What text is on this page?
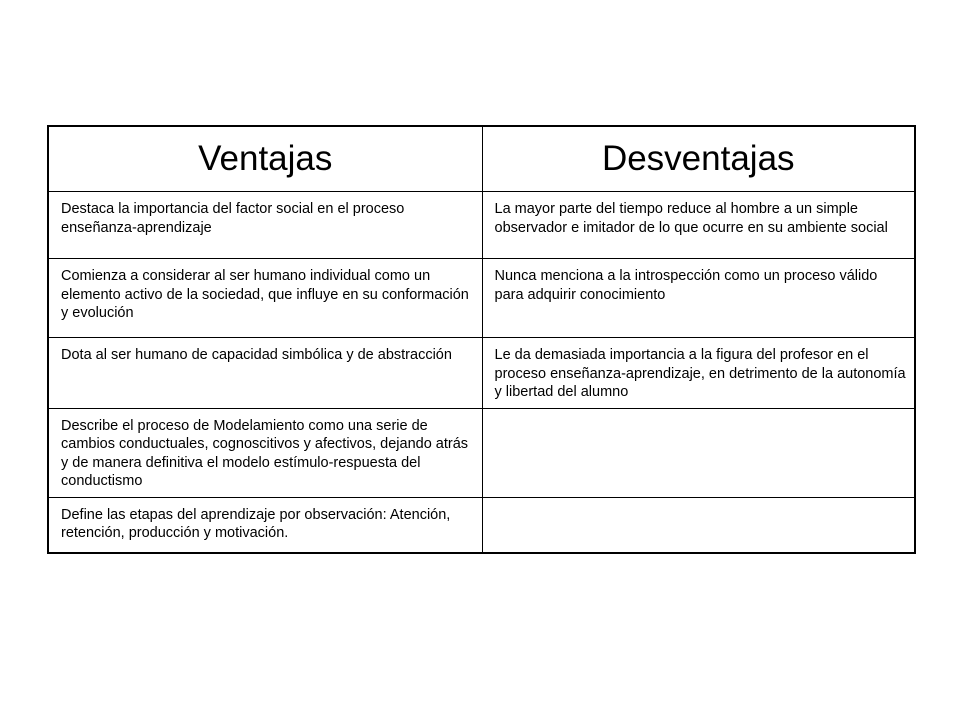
Ventajas	Desventajas
Destaca la importancia del factor social en el proceso enseñanza-aprendizaje	La mayor parte del tiempo reduce al hombre a un simple observador e imitador de lo que ocurre en su ambiente social
Comienza a considerar al ser humano individual como un elemento activo de la sociedad, que influye en su conformación y evolución	Nunca menciona a la introspección como un proceso válido para adquirir conocimiento
Dota al ser humano de capacidad simbólica y de abstracción	Le da demasiada importancia a la figura del profesor en el proceso enseñanza-aprendizaje, en detrimento de la autonomía y libertad del alumno
Describe el proceso de Modelamiento como una serie de cambios conductuales, cognoscitivos y afectivos, dejando atrás y de manera definitiva el modelo estímulo-respuesta del conductismo	
Define las etapas del aprendizaje por observación: Atención, retención, producción y motivación.	
